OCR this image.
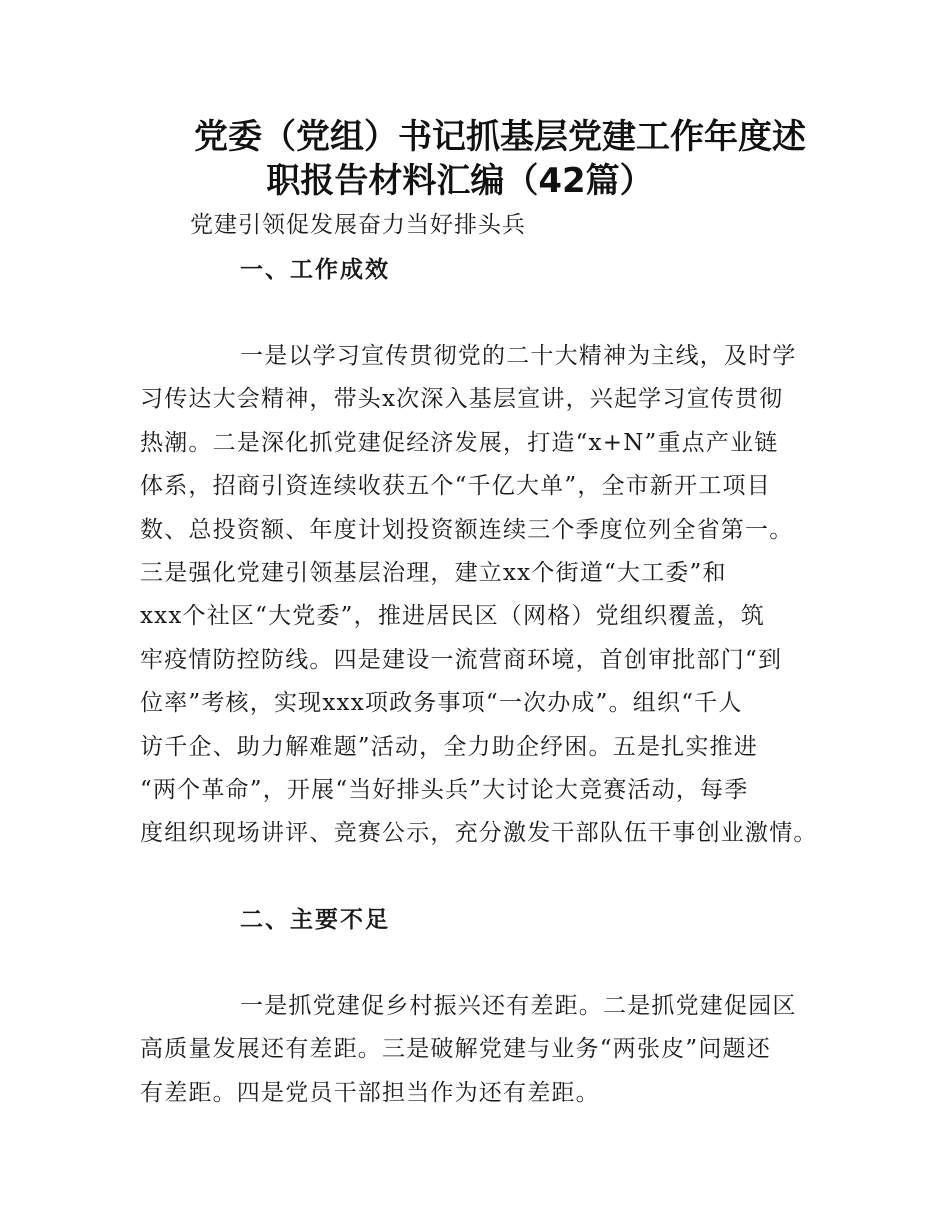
党委（党组）书记抓基层党建工作年度述
职报告材料汇编（42篇）

党建引领促发展奋力当好排头兵

一、工作成效

一是以学习宣传贯彻党的二十大精神为主线，及时学
习传达大会精神，带头x次深入基层宣讲，兴起学习宣传贯彻
热潮。二是深化抓党建促经济发展，打造“x+N”重点产业链
体系，招商引资连续收获五个“千亿大单”，全市新开工项目
数、总投资额、年度计划投资额连续三个季度位列全省第一。
三是强化党建引领基层治理，建立xx个街道“大工委”和
xxx个社区“大党委”，推进居民区（网格）党组织覆盖，筑
牢疫情防控防线。四是建设一流营商环境，首创审批部门“到
位率”考核，实现xxx项政务事项“一次办成”。组织“千人
访千企、助力解难题”活动，全力助企纾困。五是扎实推进
“两个革命”，开展“当好排头兵”大讨论大竞赛活动，每季
度组织现场讲评、竞赛公示，充分激发干部队伍干事创业激情。

二、主要不足

一是抓党建促乡村振兴还有差距。二是抓党建促园区
高质量发展还有差距。三是破解党建与业务“两张皮”问题还
有差距。四是党员干部担当作为还有差距。
